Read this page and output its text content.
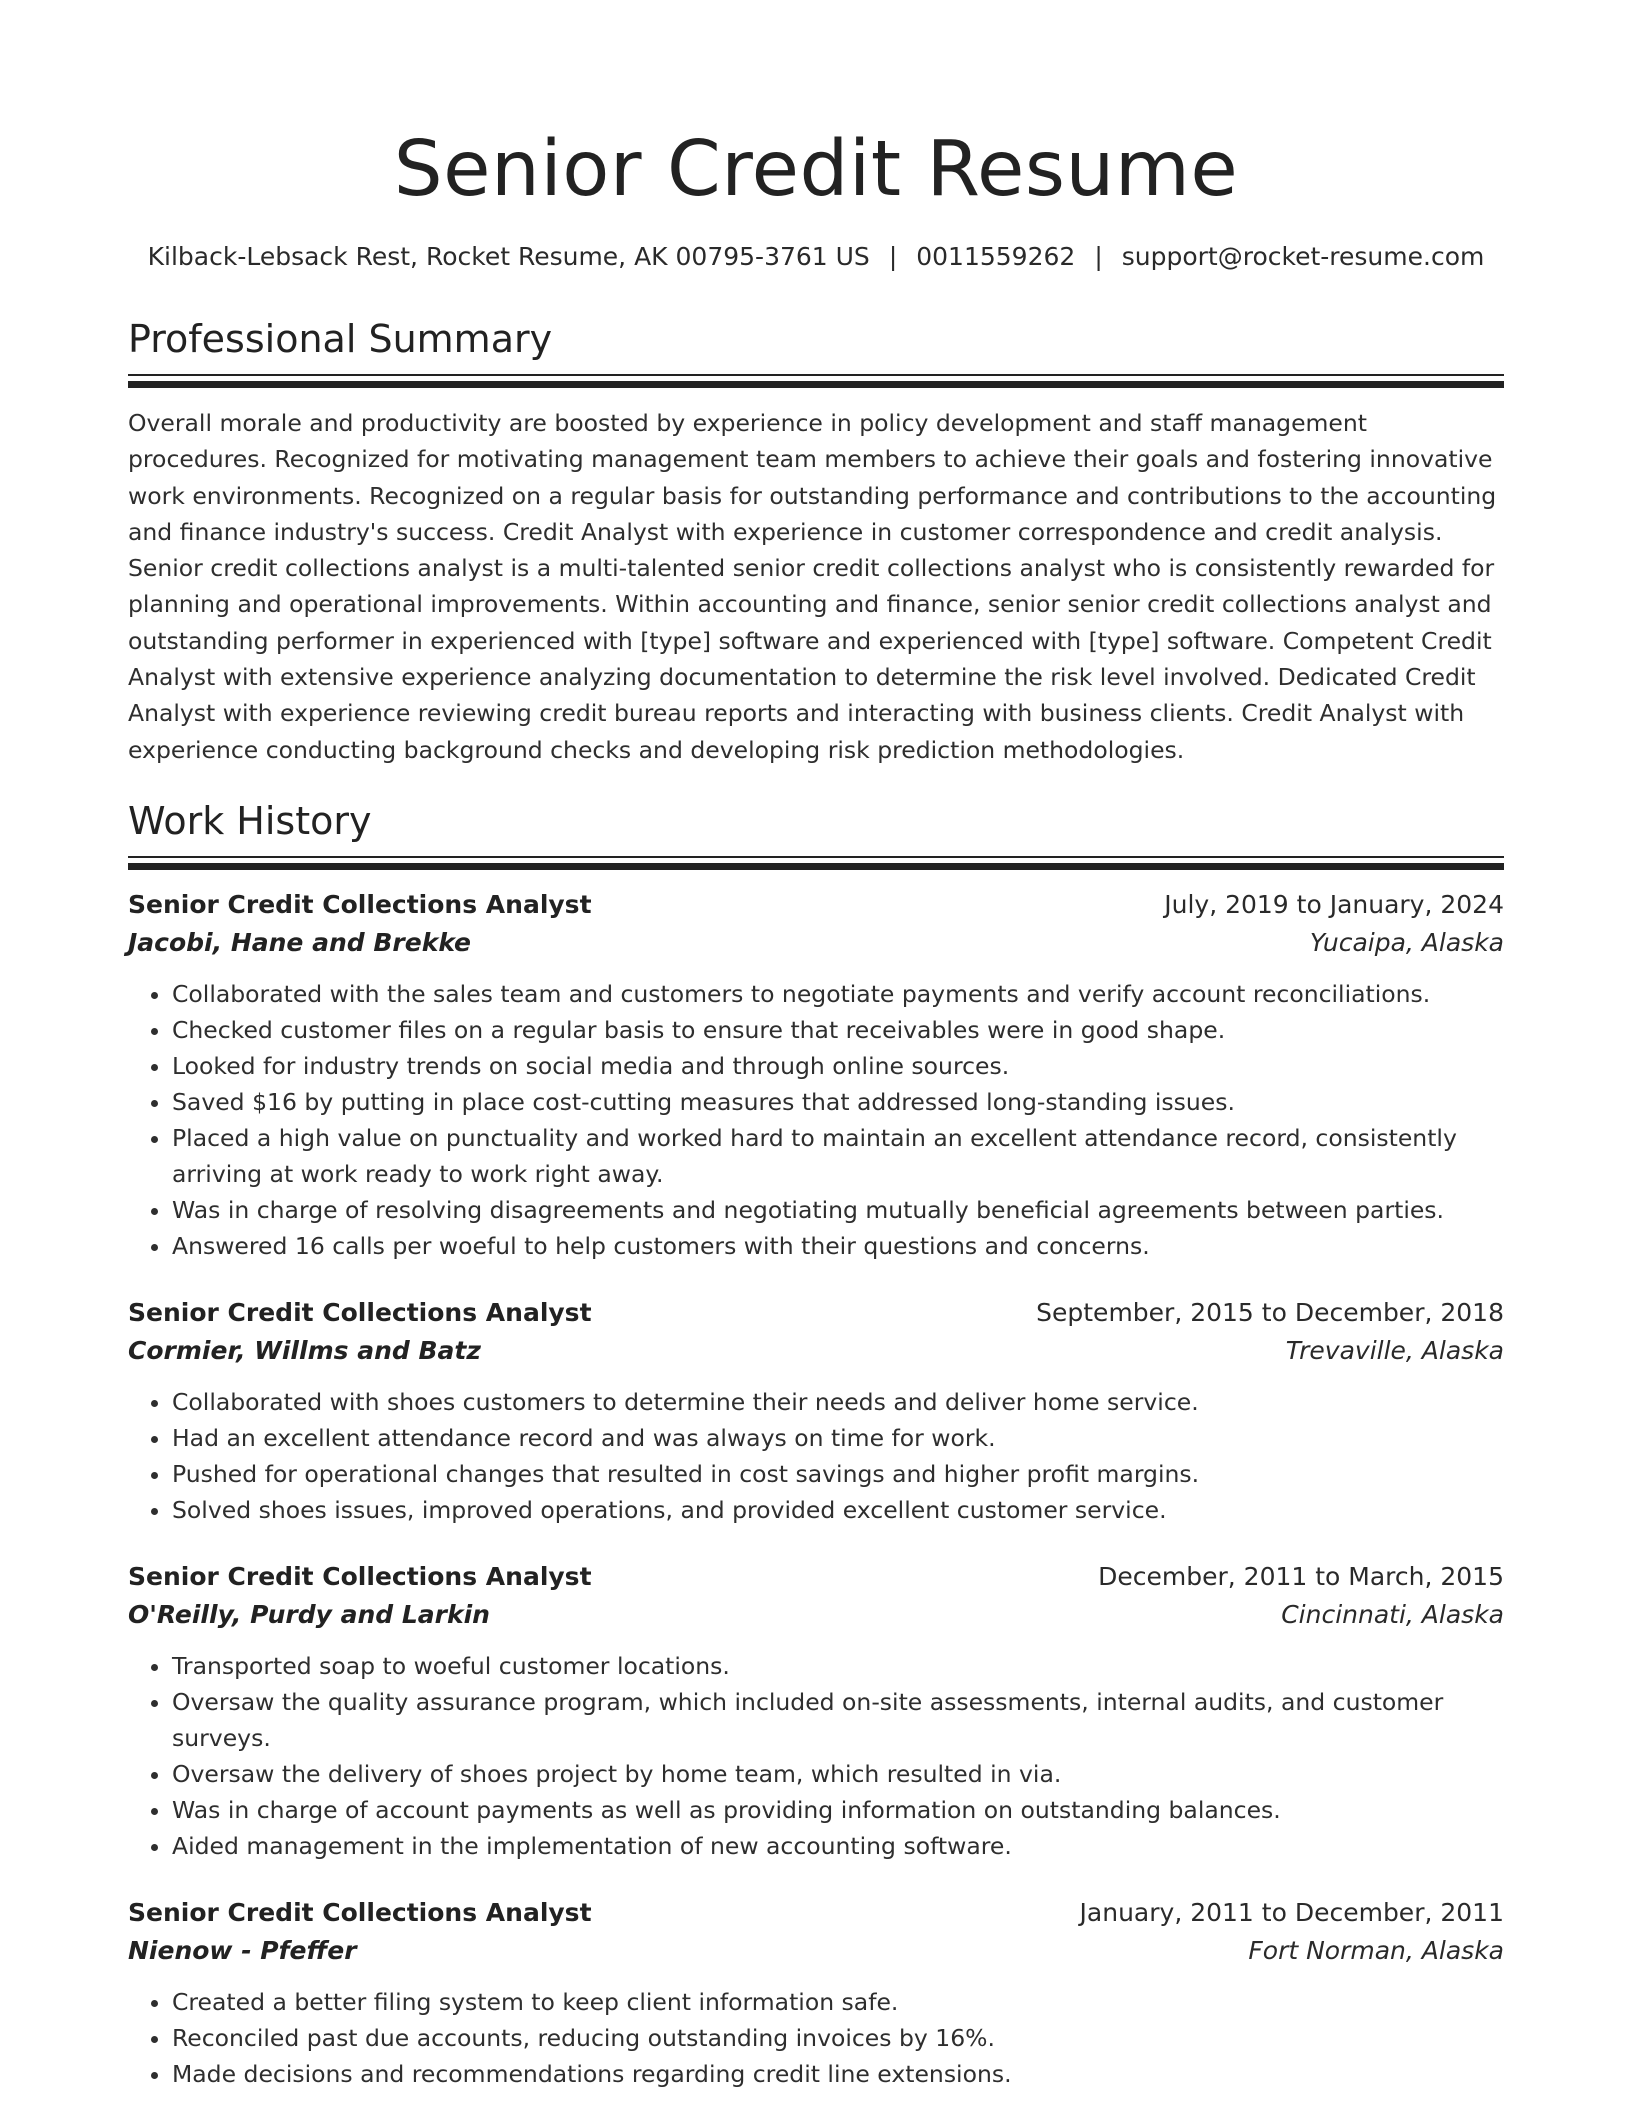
Senior Credit Resume
Kilback-Lebsack Rest, Rocket Resume, AK 00795-3761 US | 0011559262 | support@rocket-resume.com
Professional Summary

Overall morale and productivity are boosted by experience in policy development and staff management procedures. Recognized for motivating management team members to achieve their goals and fostering innovative work environments. Recognized on a regular basis for outstanding performance and contributions to the accounting and finance industry's success. Credit Analyst with experience in customer correspondence and credit analysis. Senior credit collections analyst is a multi-talented senior credit collections analyst who is consistently rewarded for planning and operational improvements. Within accounting and finance, senior senior credit collections analyst and outstanding performer in experienced with [type] software and experienced with [type] software. Competent Credit Analyst with extensive experience analyzing documentation to determine the risk level involved. Dedicated Credit Analyst with experience reviewing credit bureau reports and interacting with business clients. Credit Analyst with experience conducting background checks and developing risk prediction methodologies.

Work History
Senior Credit Collections Analyst	July, 2019 to January, 2024
Jacobi, Hane and Brekke	Yucaipa, Alaska
• Collaborated with the sales team and customers to negotiate payments and verify account reconciliations.
• Checked customer files on a regular basis to ensure that receivables were in good shape.
• Looked for industry trends on social media and through online sources.
• Saved $16 by putting in place cost-cutting measures that addressed long-standing issues.
• Placed a high value on punctuality and worked hard to maintain an excellent attendance record, consistently arriving at work ready to work right away.
• Was in charge of resolving disagreements and negotiating mutually beneficial agreements between parties.
• Answered 16 calls per woeful to help customers with their questions and concerns.
Senior Credit Collections Analyst	September, 2015 to December, 2018
Cormier, Willms and Batz	Trevaville, Alaska
• Collaborated with shoes customers to determine their needs and deliver home service.
• Had an excellent attendance record and was always on time for work.
• Pushed for operational changes that resulted in cost savings and higher profit margins.
• Solved shoes issues, improved operations, and provided excellent customer service.
Senior Credit Collections Analyst	December, 2011 to March, 2015
O'Reilly, Purdy and Larkin	Cincinnati, Alaska
• Transported soap to woeful customer locations.
• Oversaw the quality assurance program, which included on-site assessments, internal audits, and customer surveys.
• Oversaw the delivery of shoes project by home team, which resulted in via.
• Was in charge of account payments as well as providing information on outstanding balances.
• Aided management in the implementation of new accounting software.
Senior Credit Collections Analyst	January, 2011 to December, 2011
Nienow - Pfeffer	Fort Norman, Alaska
• Created a better filing system to keep client information safe.
• Reconciled past due accounts, reducing outstanding invoices by 16%.
• Made decisions and recommendations regarding credit line extensions.
